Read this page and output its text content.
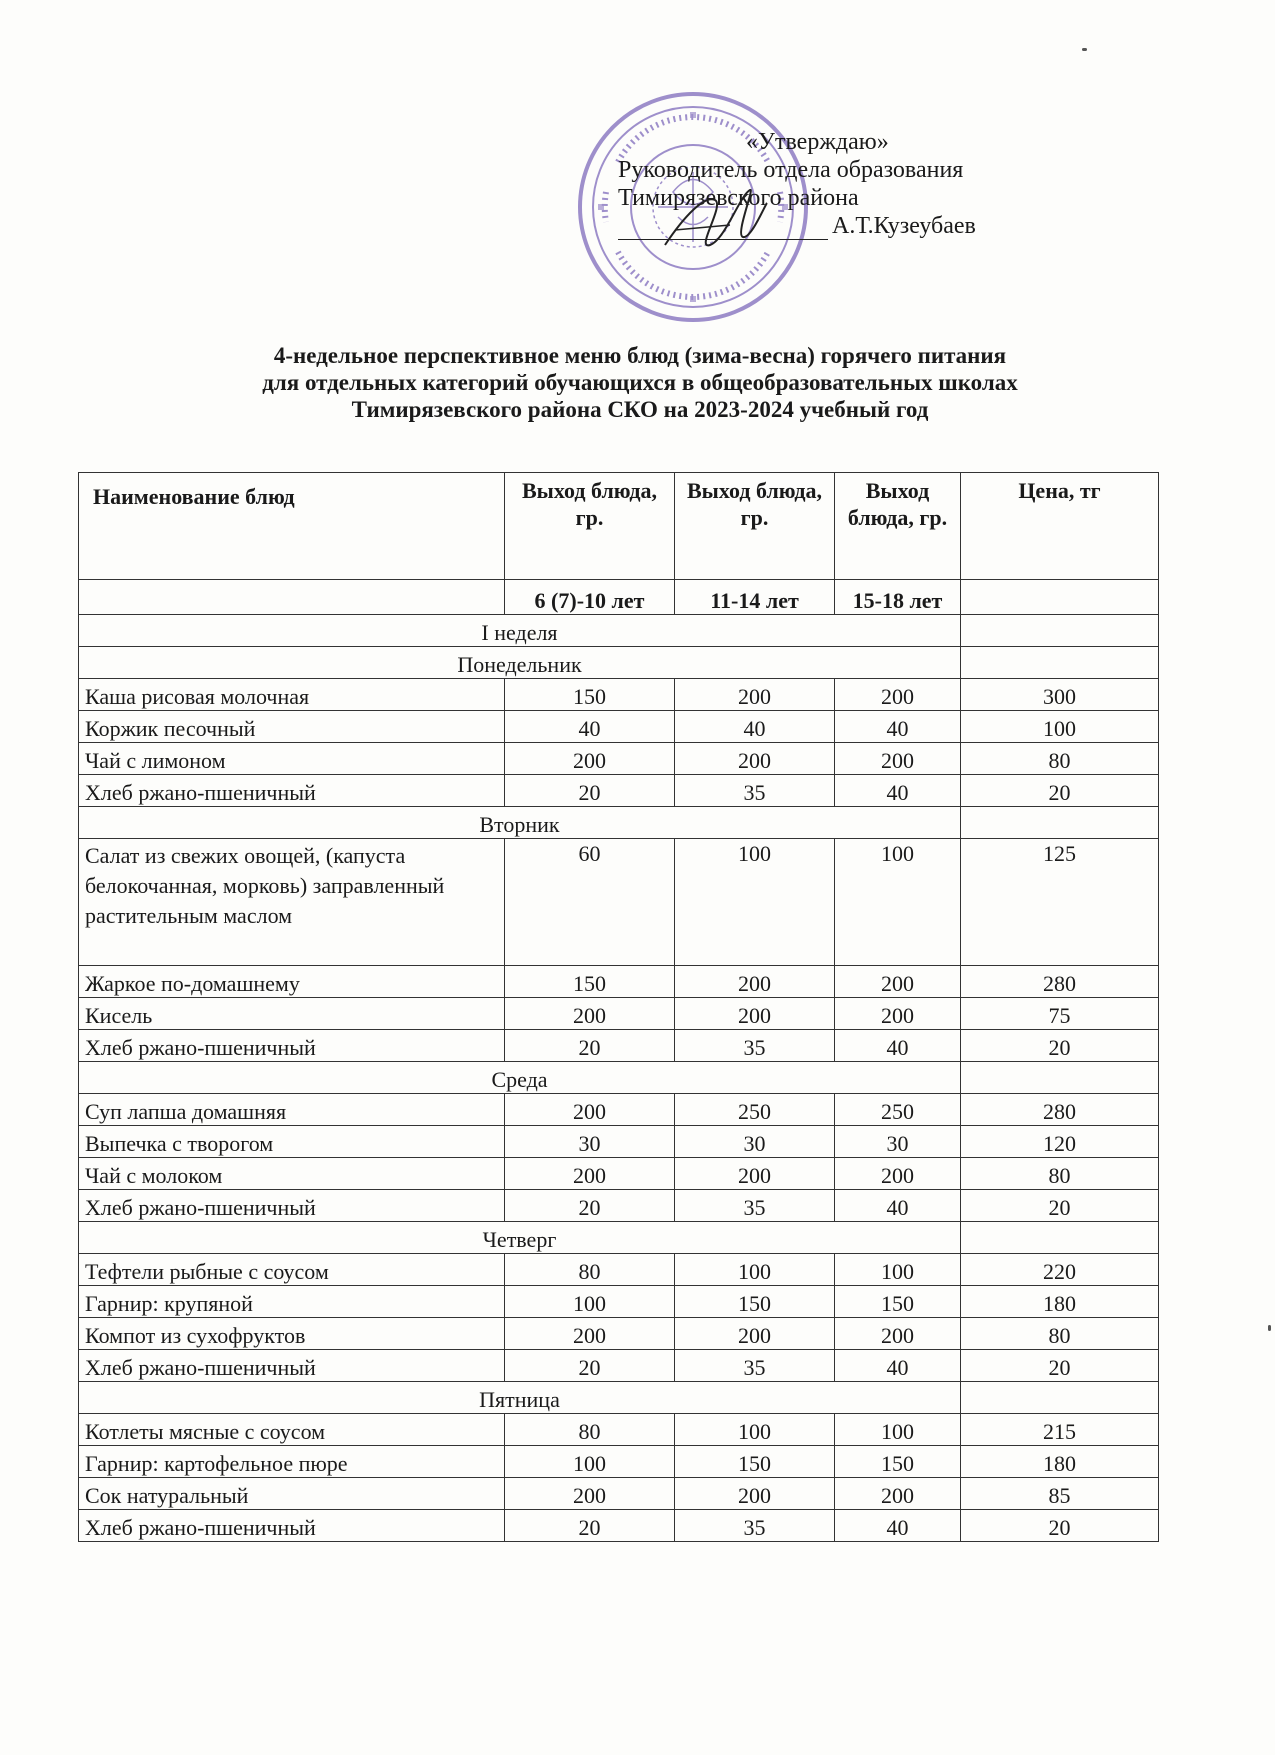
«Утверждаю»
Руководитель отдела образования
Тимирязевского района
А.Т.Кузеубаев
4-недельное перспективное меню блюд (зима-весна) горячего питания
для отдельных категорий обучающихся в общеобразовательных школах
Тимирязевского района СКО на 2023-2024 учебный год
Наименование блюд	Выход блюда, гр.	Выход блюда, гр.	Выход блюда, гр.	Цена, тг
	6 (7)-10 лет	11-14 лет	15-18 лет	
I неделя				
Понедельник				
Каша рисовая молочная	150	200	200	300
Коржик песочный	40	40	40	100
Чай с лимоном	200	200	200	80
Хлеб ржано-пшеничный	20	35	40	20
Вторник				
Салат из свежих овощей, (капуста белокочанная, морковь) заправленный растительным маслом	60	100	100	125
Жаркое по-домашнему	150	200	200	280
Кисель	200	200	200	75
Хлеб ржано-пшеничный	20	35	40	20
Среда				
Суп лапша домашняя	200	250	250	280
Выпечка с творогом	30	30	30	120
Чай с молоком	200	200	200	80
Хлеб ржано-пшеничный	20	35	40	20
Четверг				
Тефтели рыбные с соусом	80	100	100	220
Гарнир: крупяной	100	150	150	180
Компот из сухофруктов	200	200	200	80
Хлеб ржано-пшеничный	20	35	40	20
Пятница				
Котлеты мясные с соусом	80	100	100	215
Гарнир: картофельное пюре	100	150	150	180
Сок натуральный	200	200	200	85
Хлеб ржано-пшеничный	20	35	40	20
